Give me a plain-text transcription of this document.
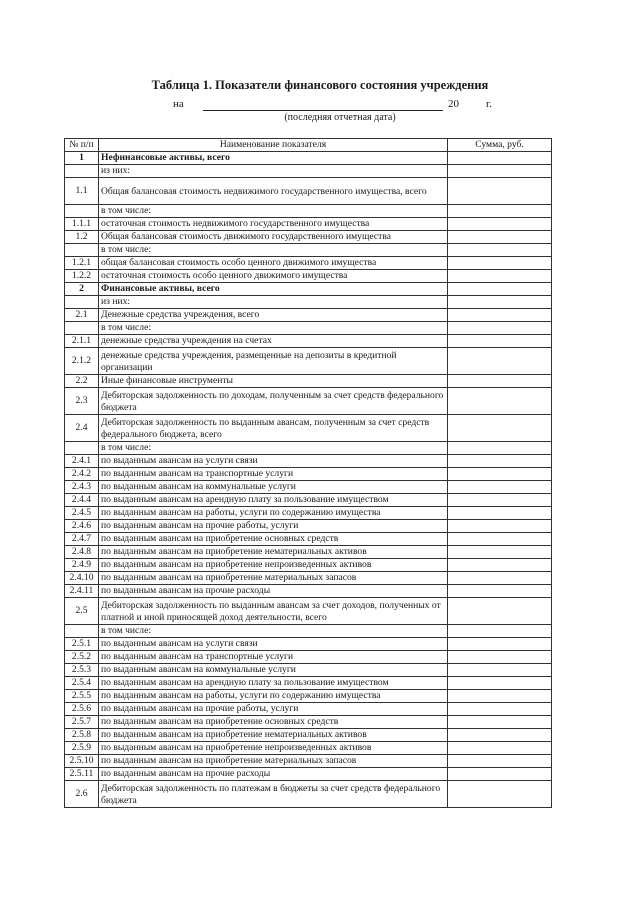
Таблица 1. Показатели финансового состояния учреждения
на	20 г.
(последняя отчетная дата)
№ п/п	Наименование показателя	Сумма, руб.
1	Нефинансовые активы, всего	
	из них:	
1.1	Общая балансовая стоимость недвижимого государственного имущества, всего	
	в том числе:	
1.1.1	остаточная стоимость недвижимого государственного имущества	
1.2	Общая балансовая стоимость движимого государственного имущества	
	в том числе:	
1.2.1	общая балансовая стоимость особо ценного движимого имущества	
1.2.2	остаточная стоимость особо ценного движимого имущества	
2	Финансовые активы, всего	
	из них:	
2.1	Денежные средства учреждения, всего	
	в том числе:	
2.1.1	денежные средства учреждения на счетах	
2.1.2	денежные средства учреждения, размещенные на депозиты в кредитной организации	
2.2	Иные финансовые инструменты	
2.3	Дебиторская задолженность по доходам, полученным за счет средств федерального бюджета	
2.4	Дебиторская задолженность по выданным авансам, полученным за счет средств федерального бюджета, всего	
	в том числе:	
2.4.1	по выданным авансам на услуги связи	
2.4.2	по выданным авансам на транспортные услуги	
2.4.3	по выданным авансам на коммунальные услуги	
2.4.4	по выданным авансам на арендную плату за пользование имуществом	
2.4.5	по выданным авансам на работы, услуги по содержанию имущества	
2.4.6	по выданным авансам на прочие работы, услуги	
2.4.7	по выданным авансам на приобретение основных средств	
2.4.8	по выданным авансам на приобретение нематериальных активов	
2.4.9	по выданным авансам на приобретение непроизведенных активов	
2.4.10	по выданным авансам на приобретение материальных запасов	
2.4.11	по выданным авансам на прочие расходы	
2.5	Дебиторская задолженность по выданным авансам за счет доходов, полученных от платной и иной приносящей доход деятельности, всего	
	в том числе:	
2.5.1	по выданным авансам на услуги связи	
2.5.2	по выданным авансам на транспортные услуги	
2.5.3	по выданным авансам на коммунальные услуги	
2.5.4	по выданным авансам на арендную плату за пользование имуществом	
2.5.5	по выданным авансам на работы, услуги по содержанию имущества	
2.5.6	по выданным авансам на прочие работы, услуги	
2.5.7	по выданным авансам на приобретение основных средств	
2.5.8	по выданным авансам на приобретение нематериальных активов	
2.5.9	по выданным авансам на приобретение непроизведенных активов	
2.5.10	по выданным авансам на приобретение материальных запасов	
2.5.11	по выданным авансам на прочие расходы	
2.6	Дебиторская задолженность по платежам в бюджеты за счет средств федерального бюджета	
